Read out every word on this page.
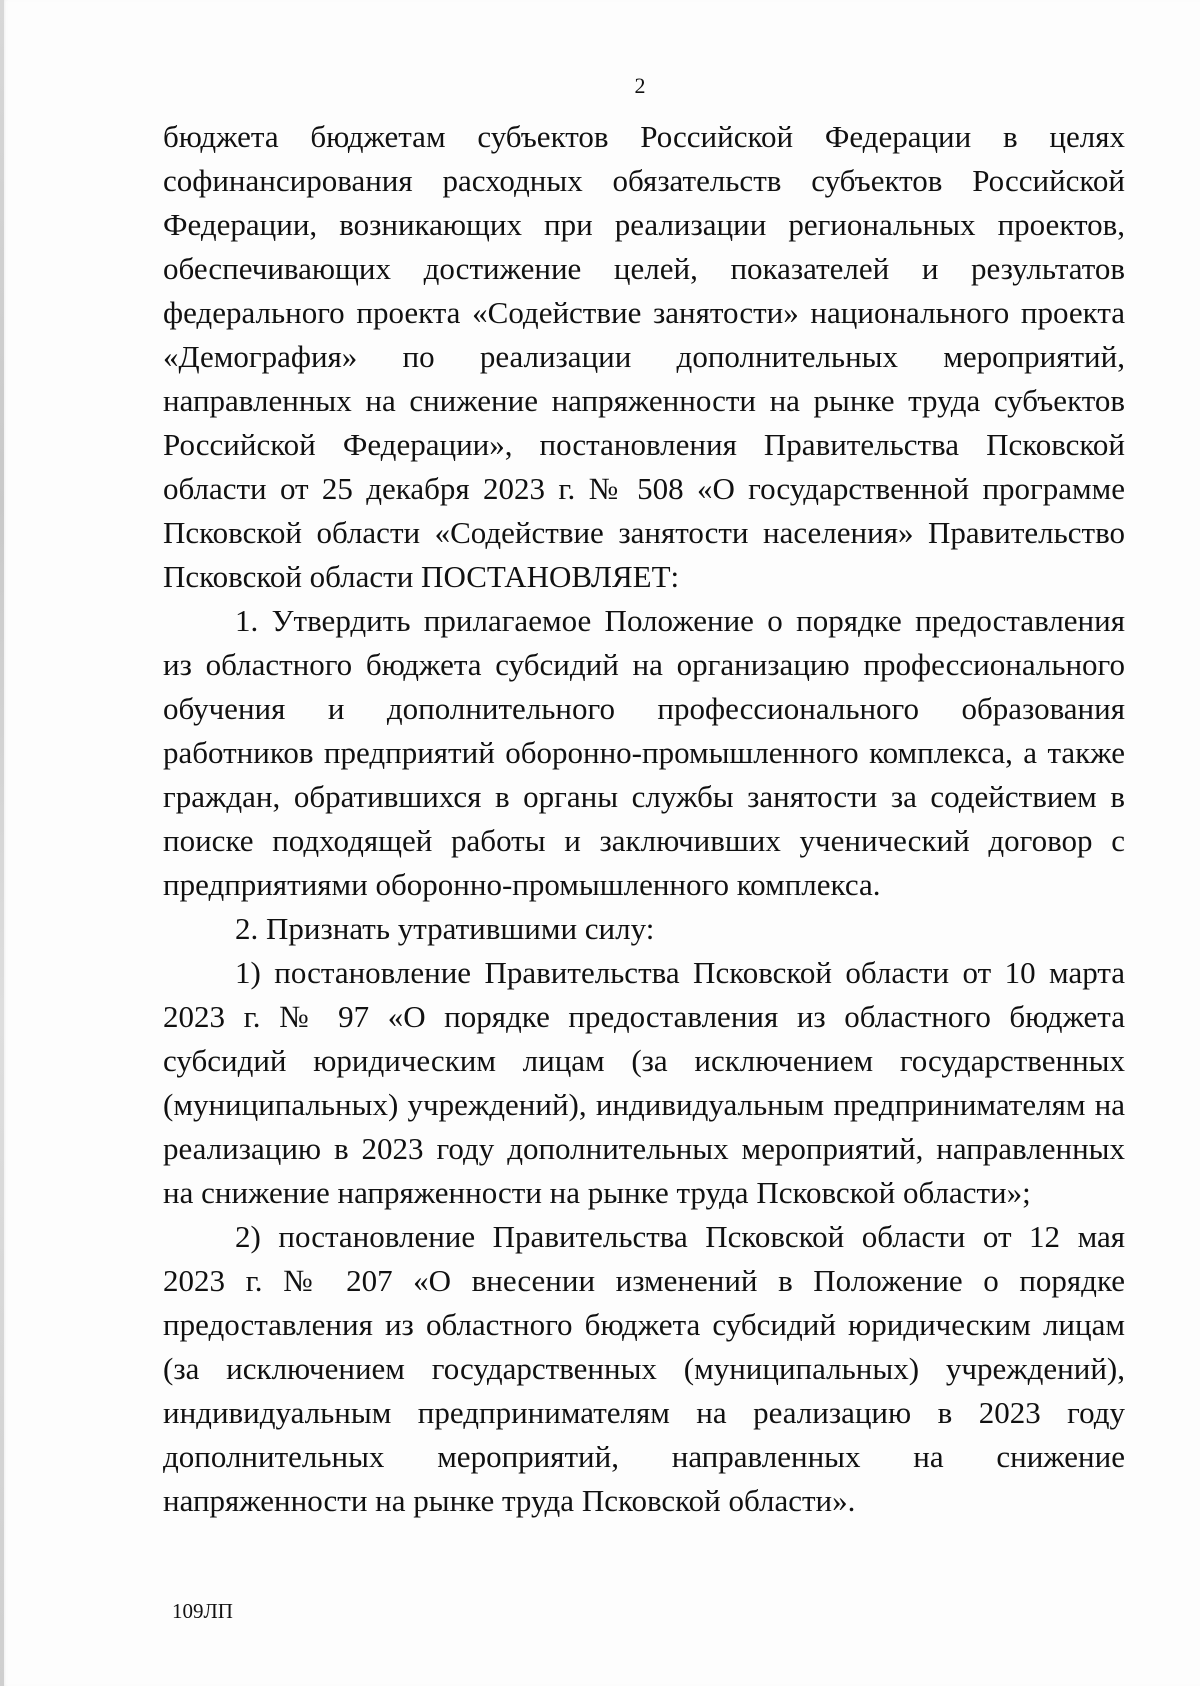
2

бюджета бюджетам субъектов Российской Федерации в целях софинансирования расходных обязательств субъектов Российской Федерации, возникающих при реализации региональных проектов, обеспечивающих достижение целей, показателей и результатов федерального проекта «Содействие занятости» национального проекта «Демография» по реализации дополнительных мероприятий, направленных на снижение напряженности на рынке труда субъектов Российской Федерации», постановления Правительства Псковской области от 25 декабря 2023 г. № 508 «О государственной программе Псковской области «Содействие занятости населения» Правительство Псковской области ПОСТАНОВЛЯЕТ:

1. Утвердить прилагаемое Положение о порядке предоставления из областного бюджета субсидий на организацию профессионального обучения и дополнительного профессионального образования работников предприятий оборонно-промышленного комплекса, а также граждан, обратившихся в органы службы занятости за содействием в поиске подходящей работы и заключивших ученический договор с предприятиями оборонно-промышленного комплекса.

2. Признать утратившими силу:

1) постановление Правительства Псковской области от 10 марта 2023 г. № 97 «О порядке предоставления из областного бюджета субсидий юридическим лицам (за исключением государственных (муниципальных) учреждений), индивидуальным предпринимателям на реализацию в 2023 году дополнительных мероприятий, направленных на снижение напряженности на рынке труда Псковской области»;

2) постановление Правительства Псковской области от 12 мая 2023 г. № 207 «О внесении изменений в Положение о порядке предоставления из областного бюджета субсидий юридическим лицам (за исключением государственных (муниципальных) учреждений), индивидуальным предпринимателям на реализацию в 2023 году дополнительных мероприятий, направленных на снижение напряженности на рынке труда Псковской области».

109ЛП
